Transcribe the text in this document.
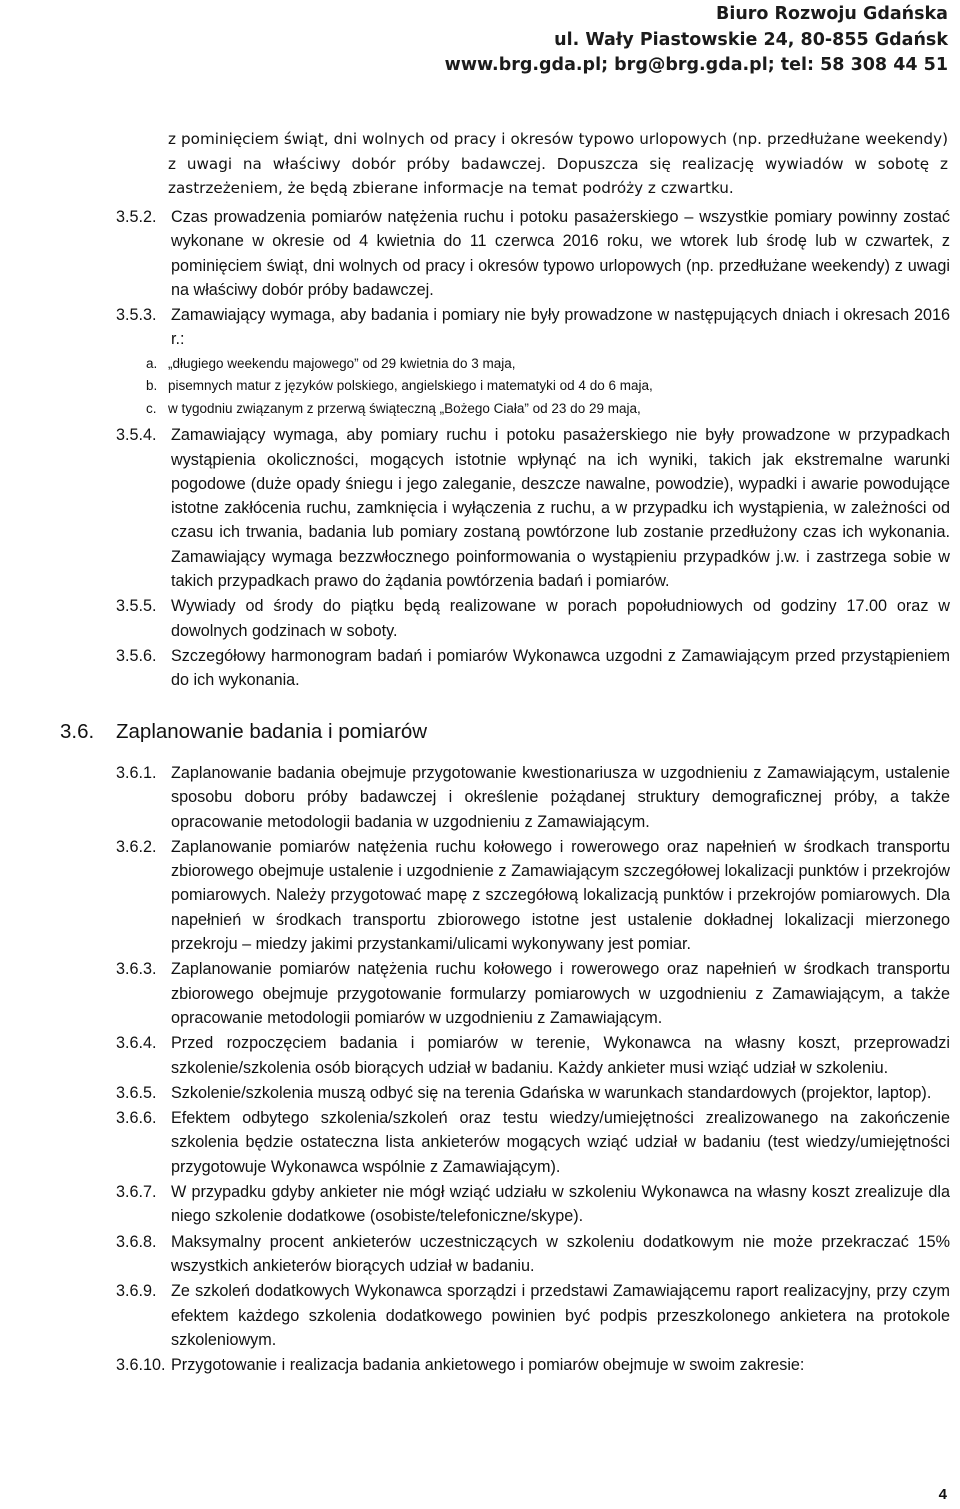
Biuro Rozwoju Gdańska
ul. Wały Piastowskie 24, 80-855 Gdańsk
www.brg.gda.pl; brg@brg.gda.pl; tel: 58 308 44 51
z pominięciem świąt, dni wolnych od pracy i okresów typowo urlopowych (np. przedłużane weekendy) z uwagi na właściwy dobór próby badawczej. Dopuszcza się realizację wywiadów w sobotę z zastrzeżeniem, że będą zbierane informacje na temat podróży z czwartku.
3.5.2. Czas prowadzenia pomiarów natężenia ruchu i potoku pasażerskiego – wszystkie pomiary powinny zostać wykonane w okresie od 4 kwietnia do 11 czerwca 2016 roku, we wtorek lub środę lub w czwartek, z pominięciem świąt, dni wolnych od pracy i okresów typowo urlopowych (np. przedłużane weekendy) z uwagi na właściwy dobór próby badawczej.
3.5.3. Zamawiający wymaga, aby badania i pomiary nie były prowadzone w następujących dniach i okresach 2016 r.:
a. „długiego weekendu majowego” od 29 kwietnia do 3 maja,
b. pisemnych matur z języków polskiego, angielskiego i matematyki od 4 do 6 maja,
c. w tygodniu związanym z przerwą świąteczną „Bożego Ciała” od 23 do 29 maja,
3.5.4. Zamawiający wymaga, aby pomiary ruchu i potoku pasażerskiego nie były prowadzone w przypadkach wystąpienia okoliczności, mogących istotnie wpłynąć na ich wyniki, takich jak ekstremalne warunki pogodowe (duże opady śniegu i jego zaleganie, deszcze nawalne, powodzie), wypadki i awarie powodujące istotne zakłócenia ruchu, zamknięcia i wyłączenia z ruchu, a w przypadku ich wystąpienia, w zależności od czasu ich trwania, badania lub pomiary zostaną powtórzone lub zostanie przedłużony czas ich wykonania. Zamawiający wymaga bezzwłocznego poinformowania o wystąpieniu przypadków j.w. i zastrzega sobie w takich przypadkach prawo do żądania powtórzenia badań i pomiarów.
3.5.5. Wywiady od środy do piątku będą realizowane w porach popołudniowych od godziny 17.00 oraz w dowolnych godzinach w soboty.
3.5.6. Szczegółowy harmonogram badań i pomiarów Wykonawca uzgodni z Zamawiającym przed przystąpieniem do ich wykonania.
3.6.	Zaplanowanie badania i pomiarów
3.6.1. Zaplanowanie badania obejmuje przygotowanie kwestionariusza w uzgodnieniu z Zamawiającym, ustalenie sposobu doboru próby badawczej i określenie pożądanej struktury demograficznej próby, a także opracowanie metodologii badania w uzgodnieniu z Zamawiającym.
3.6.2. Zaplanowanie pomiarów natężenia ruchu kołowego i rowerowego oraz napełnień w środkach transportu zbiorowego obejmuje ustalenie i uzgodnienie z Zamawiającym szczegółowej lokalizacji punktów i przekrojów pomiarowych. Należy przygotować mapę z szczegółową lokalizacją punktów i przekrojów pomiarowych. Dla napełnień w środkach transportu zbiorowego istotne jest ustalenie dokładnej lokalizacji mierzonego przekroju – miedzy jakimi przystankami/ulicami wykonywany jest pomiar.
3.6.3. Zaplanowanie pomiarów natężenia ruchu kołowego i rowerowego oraz napełnień w środkach transportu zbiorowego obejmuje przygotowanie formularzy pomiarowych w uzgodnieniu z Zamawiającym, a także opracowanie metodologii pomiarów w uzgodnieniu z Zamawiającym.
3.6.4. Przed rozpoczęciem badania i pomiarów w terenie, Wykonawca na własny koszt, przeprowadzi szkolenie/szkolenia osób biorących udział w badaniu. Każdy ankieter musi wziąć udział w szkoleniu.
3.6.5. Szkolenie/szkolenia muszą odbyć się na terenia Gdańska w warunkach standardowych (projektor, laptop).
3.6.6. Efektem odbytego szkolenia/szkoleń oraz testu wiedzy/umiejętności zrealizowanego na zakończenie szkolenia będzie ostateczna lista ankieterów mogących wziąć udział w badaniu (test wiedzy/umiejętności przygotowuje Wykonawca wspólnie z Zamawiającym).
3.6.7. W przypadku gdyby ankieter nie mógł wziąć udziału w szkoleniu Wykonawca na własny koszt zrealizuje dla niego szkolenie dodatkowe (osobiste/telefoniczne/skype).
3.6.8. Maksymalny procent ankieterów uczestniczących w szkoleniu dodatkowym nie może przekraczać 15% wszystkich ankieterów biorących udział w badaniu.
3.6.9. Ze szkoleń dodatkowych Wykonawca sporządzi i przedstawi Zamawiającemu raport realizacyjny, przy czym efektem każdego szkolenia dodatkowego powinien być podpis przeszkolonego ankietera na protokole szkoleniowym.
3.6.10. Przygotowanie i realizacja badania ankietowego i pomiarów obejmuje w swoim zakresie:
4
